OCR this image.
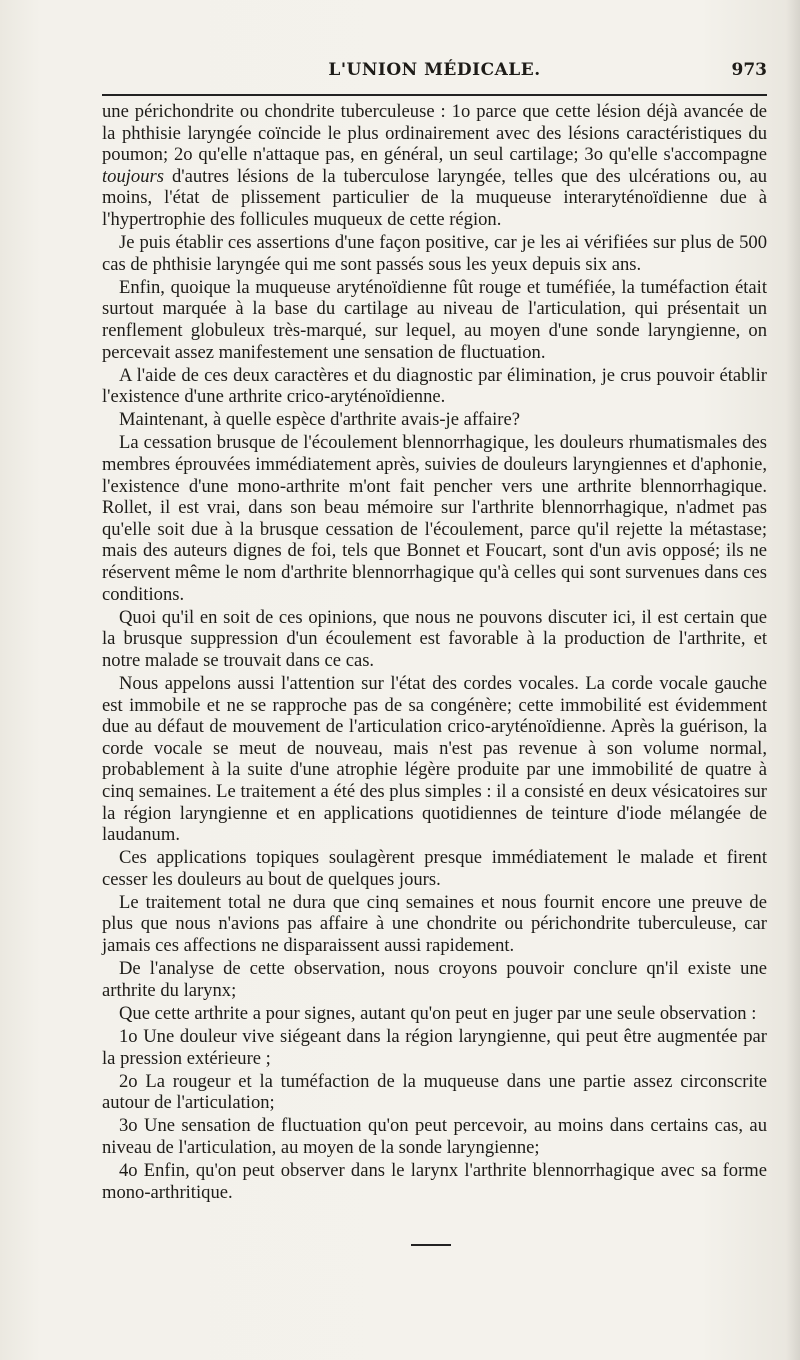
L'UNION MÉDICALE.	973

une périchondrite ou chondrite tuberculeuse : 1o parce que cette lésion déjà avancée de la phthisie laryngée coïncide le plus ordinairement avec des lésions caractéristiques du poumon; 2o qu'elle n'attaque pas, en général, un seul cartilage; 3o qu'elle s'accompagne toujours d'autres lésions de la tuberculose laryngée, telles que des ulcérations ou, au moins, l'état de plissement particulier de la muqueuse interaryténoïdienne due à l'hypertrophie des follicules muqueux de cette région.

Je puis établir ces assertions d'une façon positive, car je les ai vérifiées sur plus de 500 cas de phthisie laryngée qui me sont passés sous les yeux depuis six ans.

Enfin, quoique la muqueuse aryténoïdienne fût rouge et tuméfiée, la tuméfaction était surtout marquée à la base du cartilage au niveau de l'articulation, qui présentait un renflement globuleux très-marqué, sur lequel, au moyen d'une sonde laryngienne, on percevait assez manifestement une sensation de fluctuation.

A l'aide de ces deux caractères et du diagnostic par élimination, je crus pouvoir établir l'existence d'une arthrite crico-aryténoïdienne.

Maintenant, à quelle espèce d'arthrite avais-je affaire?

La cessation brusque de l'écoulement blennorrhagique, les douleurs rhumatismales des membres éprouvées immédiatement après, suivies de douleurs laryngiennes et d'aphonie, l'existence d'une mono-arthrite m'ont fait pencher vers une arthrite blennorrhagique. Rollet, il est vrai, dans son beau mémoire sur l'arthrite blennorrhagique, n'admet pas qu'elle soit due à la brusque cessation de l'écoulement, parce qu'il rejette la métastase; mais des auteurs dignes de foi, tels que Bonnet et Foucart, sont d'un avis opposé; ils ne réservent même le nom d'arthrite blennorrhagique qu'à celles qui sont survenues dans ces conditions.

Quoi qu'il en soit de ces opinions, que nous ne pouvons discuter ici, il est certain que la brusque suppression d'un écoulement est favorable à la production de l'arthrite, et notre malade se trouvait dans ce cas.

Nous appelons aussi l'attention sur l'état des cordes vocales. La corde vocale gauche est immobile et ne se rapproche pas de sa congénère; cette immobilité est évidemment due au défaut de mouvement de l'articulation crico-aryténoïdienne. Après la guérison, la corde vocale se meut de nouveau, mais n'est pas revenue à son volume normal, probablement à la suite d'une atrophie légère produite par une immobilité de quatre à cinq semaines. Le traitement a été des plus simples : il a consisté en deux vésicatoires sur la région laryngienne et en applications quotidiennes de teinture d'iode mélangée de laudanum.

Ces applications topiques soulagèrent presque immédiatement le malade et firent cesser les douleurs au bout de quelques jours.

Le traitement total ne dura que cinq semaines et nous fournit encore une preuve de plus que nous n'avions pas affaire à une chondrite ou périchondrite tuberculeuse, car jamais ces affections ne disparaissent aussi rapidement.

De l'analyse de cette observation, nous croyons pouvoir conclure qn'il existe une arthrite du larynx;

Que cette arthrite a pour signes, autant qu'on peut en juger par une seule observation :

1o Une douleur vive siégeant dans la région laryngienne, qui peut être augmentée par la pression extérieure ;

2o La rougeur et la tuméfaction de la muqueuse dans une partie assez circonscrite autour de l'articulation;

3o Une sensation de fluctuation qu'on peut percevoir, au moins dans certains cas, au niveau de l'articulation, au moyen de la sonde laryngienne;

4o Enfin, qu'on peut observer dans le larynx l'arthrite blennorrhagique avec sa forme mono-arthritique.
